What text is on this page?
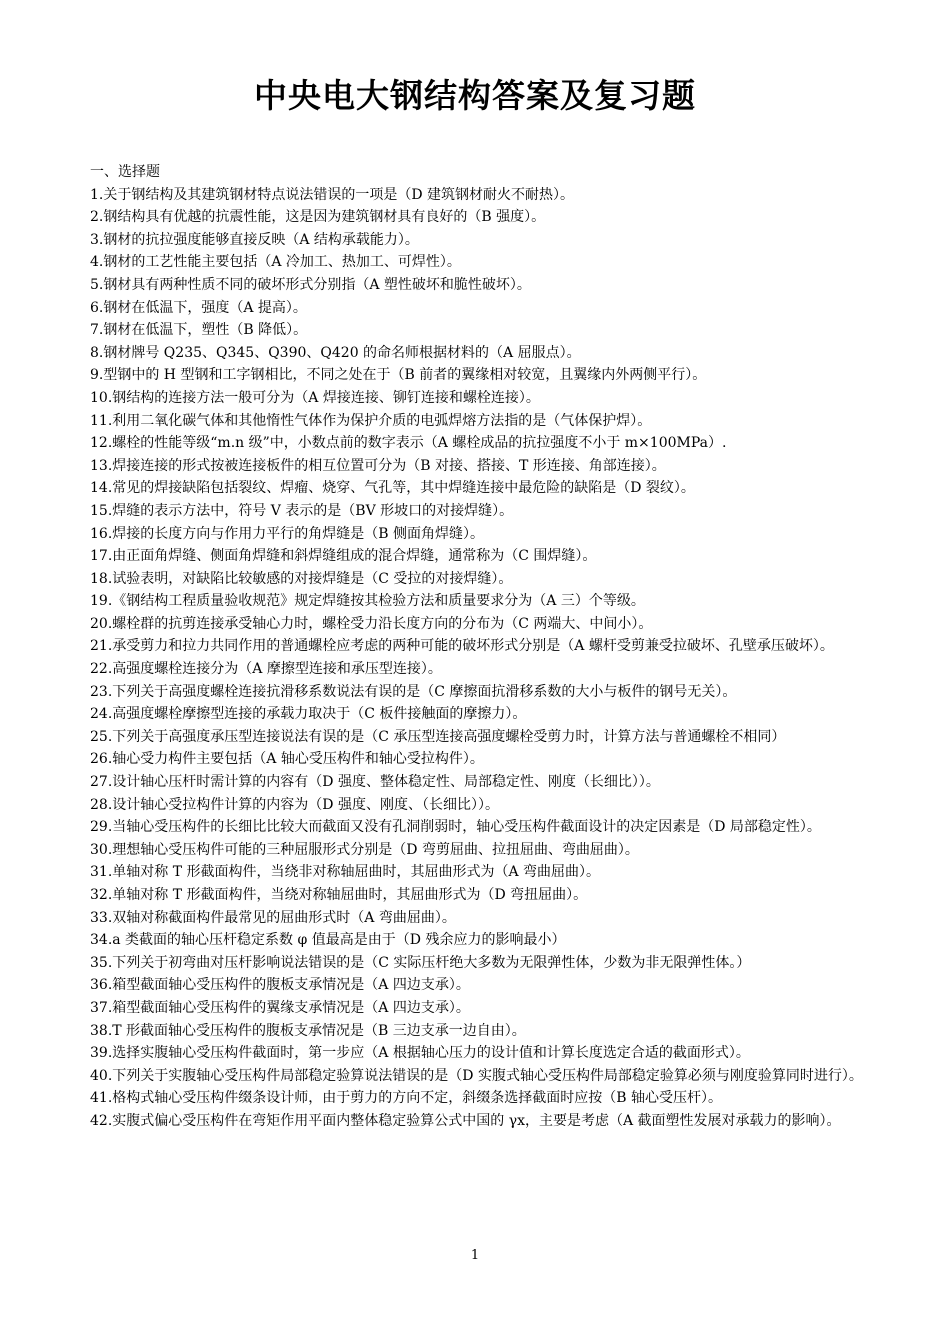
中央电大钢结构答案及复习题

一、选择题

1.关于钢结构及其建筑钢材特点说法错误的一项是（D 建筑钢材耐火不耐热）。

2.钢结构具有优越的抗震性能，这是因为建筑钢材具有良好的（B 强度）。

3.钢材的抗拉强度能够直接反映（A 结构承载能力）。

4.钢材的工艺性能主要包括（A 冷加工、热加工、可焊性）。

5.钢材具有两种性质不同的破坏形式分别指（A 塑性破坏和脆性破坏）。

6.钢材在低温下，强度（A 提高）。

7.钢材在低温下，塑性（B 降低）。

8.钢材牌号 Q235、Q345、Q390、Q420 的命名师根据材料的（A 屈服点）。

9.型钢中的 H 型钢和工字钢相比，不同之处在于（B 前者的翼缘相对较宽，且翼缘内外两侧平行）。

10.钢结构的连接方法一般可分为（A 焊接连接、铆钉连接和螺栓连接）。

11.利用二氧化碳气体和其他惰性气体作为保护介质的电弧焊熔方法指的是（气体保护焊）。

12.螺栓的性能等级“m.n 级”中，小数点前的数字表示（A 螺栓成品的抗拉强度不小于 m×100MPa）.

13.焊接连接的形式按被连接板件的相互位置可分为（B 对接、搭接、T 形连接、角部连接）。

14.常见的焊接缺陷包括裂纹、焊瘤、烧穿、气孔等，其中焊缝连接中最危险的缺陷是（D 裂纹）。

15.焊缝的表示方法中，符号 V 表示的是（BV 形坡口的对接焊缝）。

16.焊接的长度方向与作用力平行的角焊缝是（B 侧面角焊缝）。

17.由正面角焊缝、侧面角焊缝和斜焊缝组成的混合焊缝，通常称为（C 围焊缝）。

18.试验表明，对缺陷比较敏感的对接焊缝是（C 受拉的对接焊缝）。

19.《钢结构工程质量验收规范》规定焊缝按其检验方法和质量要求分为（A 三）个等级。

20.螺栓群的抗剪连接承受轴心力时，螺栓受力沿长度方向的分布为（C 两端大、中间小）。

21.承受剪力和拉力共同作用的普通螺栓应考虑的两种可能的破坏形式分别是（A 螺杆受剪兼受拉破坏、孔壁承压破坏）。

22.高强度螺栓连接分为（A 摩擦型连接和承压型连接）。

23.下列关于高强度螺栓连接抗滑移系数说法有误的是（C 摩擦面抗滑移系数的大小与板件的钢号无关）。

24.高强度螺栓摩擦型连接的承载力取决于（C 板件接触面的摩擦力）。

25.下列关于高强度承压型连接说法有误的是（C 承压型连接高强度螺栓受剪力时，计算方法与普通螺栓不相同）

26.轴心受力构件主要包括（A 轴心受压构件和轴心受拉构件）。

27.设计轴心压杆时需计算的内容有（D 强度、整体稳定性、局部稳定性、刚度（长细比））。

28.设计轴心受拉构件计算的内容为（D 强度、刚度、（长细比））。

29.当轴心受压构件的长细比比较大而截面又没有孔洞削弱时，轴心受压构件截面设计的决定因素是（D 局部稳定性）。

30.理想轴心受压构件可能的三种屈服形式分别是（D 弯剪屈曲、拉扭屈曲、弯曲屈曲）。

31.单轴对称 T 形截面构件，当绕非对称轴屈曲时，其屈曲形式为（A 弯曲屈曲）。

32.单轴对称 T 形截面构件，当绕对称轴屈曲时，其屈曲形式为（D 弯扭屈曲）。

33.双轴对称截面构件最常见的屈曲形式时（A 弯曲屈曲）。

34.a 类截面的轴心压杆稳定系数 φ 值最高是由于（D 残余应力的影响最小）

35.下列关于初弯曲对压杆影响说法错误的是（C 实际压杆绝大多数为无限弹性体，少数为非无限弹性体。）

36.箱型截面轴心受压构件的腹板支承情况是（A 四边支承）。

37.箱型截面轴心受压构件的翼缘支承情况是（A 四边支承）。

38.T 形截面轴心受压构件的腹板支承情况是（B 三边支承一边自由）。

39.选择实腹轴心受压构件截面时，第一步应（A 根据轴心压力的设计值和计算长度选定合适的截面形式）。

40.下列关于实腹轴心受压构件局部稳定验算说法错误的是（D 实腹式轴心受压构件局部稳定验算必须与刚度验算同时进行）。

41.格构式轴心受压构件缀条设计师，由于剪力的方向不定，斜缀条选择截面时应按（B 轴心受压杆）。

42.实腹式偏心受压构件在弯矩作用平面内整体稳定验算公式中国的 γx，主要是考虑（A 截面塑性发展对承载力的影响）。

1
